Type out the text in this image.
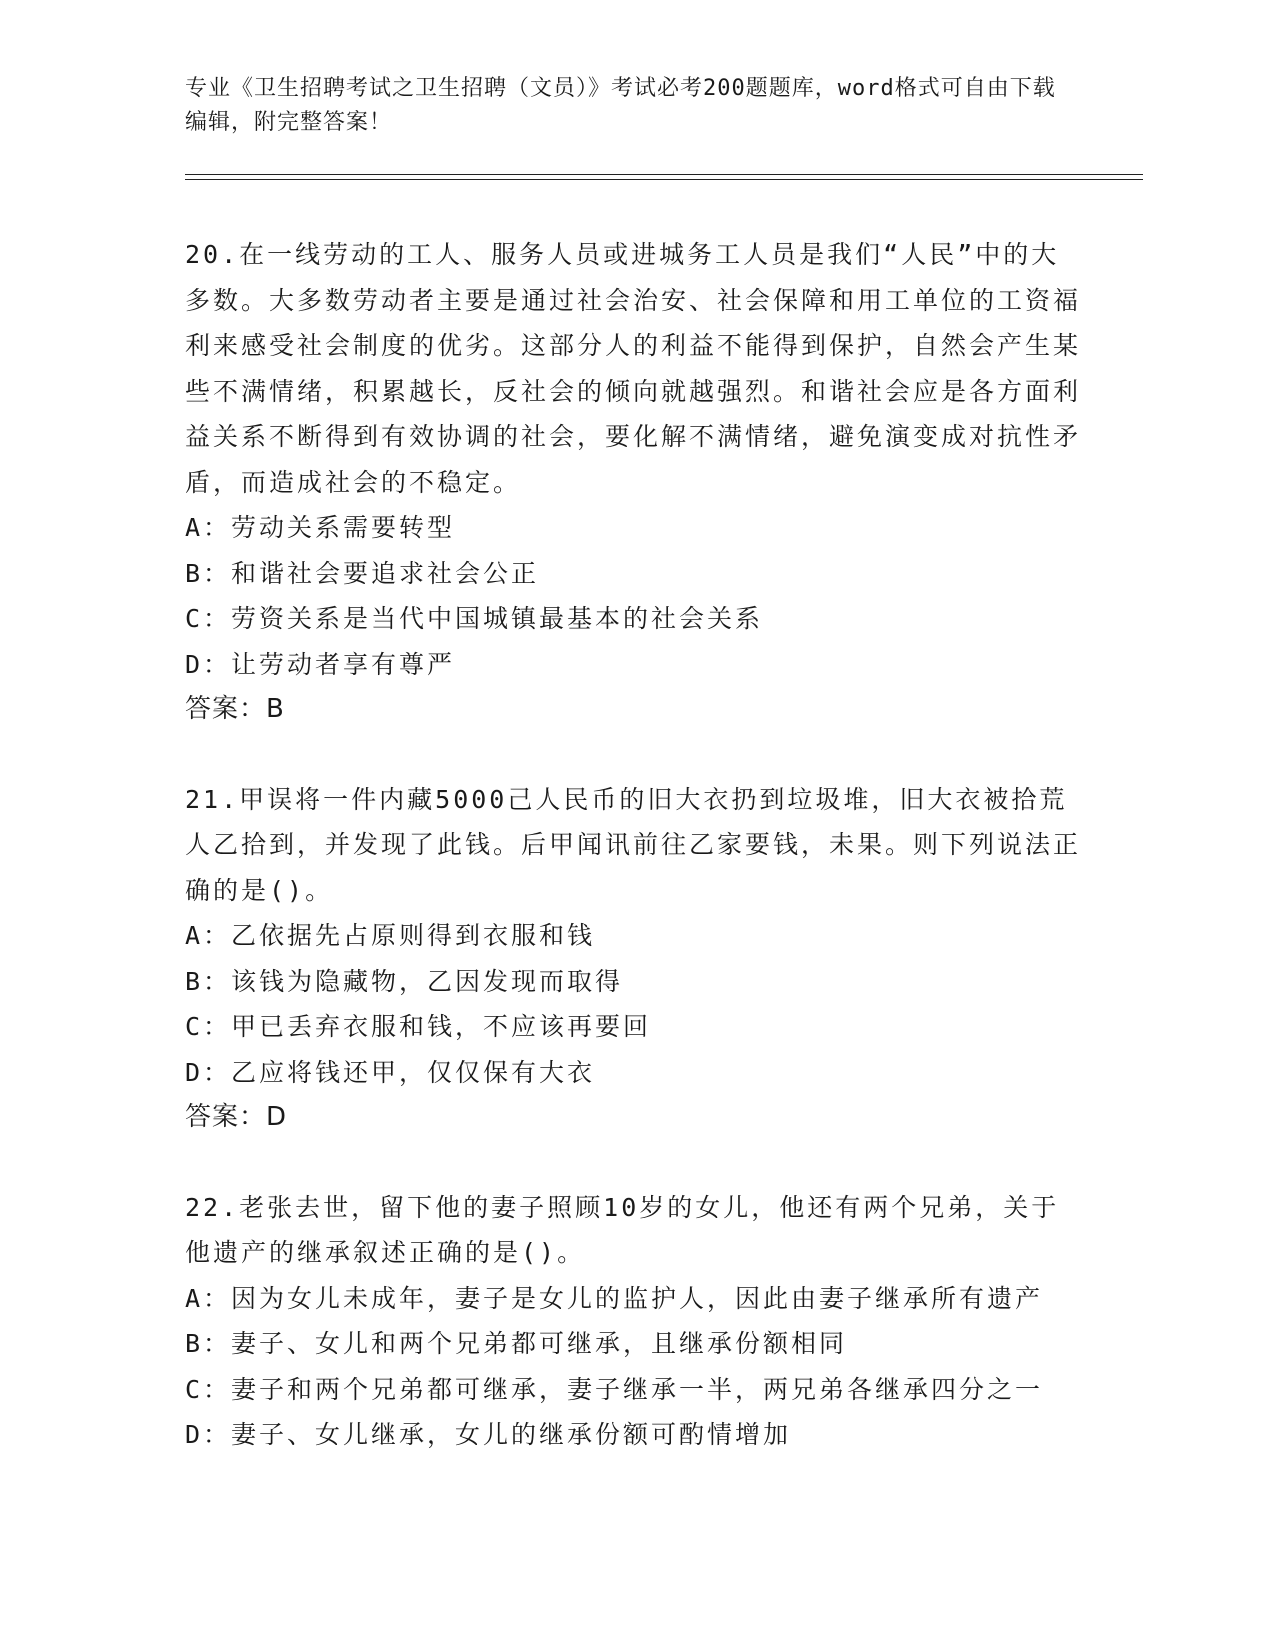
专业《卫生招聘考试之卫生招聘（文员）》考试必考200题题库，word格式可自由下载编辑，附完整答案！

20.在一线劳动的工人、服务人员或进城务工人员是我们“人民”中的大多数。大多数劳动者主要是通过社会治安、社会保障和用工单位的工资福利来感受社会制度的优劣。这部分人的利益不能得到保护，自然会产生某些不满情绪，积累越长，反社会的倾向就越强烈。和谐社会应是各方面利益关系不断得到有效协调的社会，要化解不满情绪，避免演变成对抗性矛盾，而造成社会的不稳定。

A：劳动关系需要转型
B：和谐社会要追求社会公正
C：劳资关系是当代中国城镇最基本的社会关系
D：让劳动者享有尊严
答案：B

21.甲误将一件内藏5000己人民币的旧大衣扔到垃圾堆，旧大衣被拾荒人乙拾到，并发现了此钱。后甲闻讯前往乙家要钱，未果。则下列说法正确的是()。

A：乙依据先占原则得到衣服和钱
B：该钱为隐藏物，乙因发现而取得
C：甲已丢弃衣服和钱，不应该再要回
D：乙应将钱还甲，仅仅保有大衣
答案：D

22.老张去世，留下他的妻子照顾10岁的女儿，他还有两个兄弟，关于他遗产的继承叙述正确的是()。

A：因为女儿未成年，妻子是女儿的监护人，因此由妻子继承所有遗产
B：妻子、女儿和两个兄弟都可继承，且继承份额相同
C：妻子和两个兄弟都可继承，妻子继承一半，两兄弟各继承四分之一
D：妻子、女儿继承，女儿的继承份额可酌情增加
